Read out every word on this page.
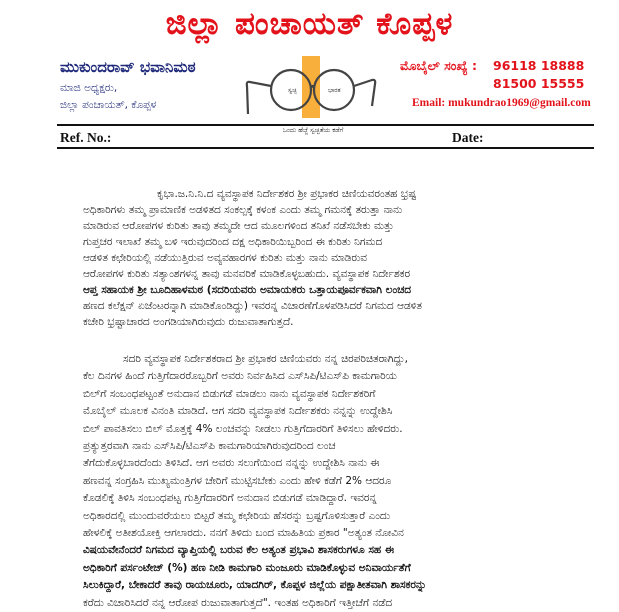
ಜಿಲ್ಲಾ ಪಂಚಾಯತ್ ಕೊಪ್ಪಳ
ಮುಕುಂದರಾವ್ ಭವಾನಿಮಠ
ಮಾಜಿ ಅಧ್ಯಕ್ಷರು,
ಜಿಲ್ಲಾ ಪಂಚಾಯತ್, ಕೊಪ್ಪಳ
ಸ್ವಚ್ಛ	ಭಾರತ
ಒಂದು ಹೆಜ್ಜೆ ಸ್ವಚ್ಛತೆಯ ಕಡೆಗೆ
ಮೊಬೈಲ್ ಸಂಖ್ಯೆ :	96118 18888
81500 15555
Email: mukundrao1969@gmail.com
Ref. No.:	Date:
ಕೃಭಾ.ಜ.ನಿ.ನಿ.ದ ವ್ಯವಸ್ಥಾಪಕ ನಿರ್ದೇಶಕರ ಶ್ರೀ ಪ್ರಭಾಕರ ಚಿಣಿಯವರಂತಹ ಭ್ರಷ್ಟ
ಅಧಿಕಾರಿಗಳು ತಮ್ಮ ಪ್ರಾಮಾಣಿಕ ಅಡಳಿತದ ಸಂಕಲ್ಪಕ್ಕೆ ಕಳಂಕ ಎಂದು ತಮ್ಮ ಗಮನಕ್ಕೆ ತರುತ್ತಾ ನಾನು
ಮಾಡಿರುವ ಆರೋಪಗಳ ಕುರಿತು ತಾವು ತಮ್ಮದೇ ಆದ ಮೂಲಗಳಿಂದ ತನಿಖೆ ನಡೆಸಬೇಕು ಮತ್ತು
ಗುಪ್ತಚರ ಇಲಾಖೆ ತಮ್ಮ ಬಳಿ ಇರುವುದರಿಂದ ದಕ್ಷ ಅಧಿಕಾರಿಯಿಬ್ಬರಿಂದ ಈ ಕುರಿತು ನಿಗಮದ
ಆಡಳಿತ ಕಛೇರಿಯಲ್ಲಿ ನಡೆಯುತ್ತಿರುವ ಅವ್ಯವಹಾರಗಳ ಕುರಿತು ಮತ್ತು ನಾನು ಮಾಡಿರುವ
ಆರೋಪಗಳ ಕುರಿತು ಸತ್ಯಾಂಶಗಳನ್ನ ತಾವು ಮನವರಿಕೆ ಮಾಡಿಕೊಳ್ಳಬಹುದು. ವ್ಯವಸ್ಥಾಪಕ ನಿರ್ದೇಶಕರ
ಆಪ್ತ ಸಹಾಯಕ ಶ್ರೀ ಬೂದಿಹಾಳಮಠ (ಸದರಿಯವರು ಅಮಾಯಕರು ಒತ್ತಾಯಪೂರ್ವಕವಾಗಿ ಲಂಚದ
ಹಣದ ಕಲೆಕ್ಷನ್ ಏಜೆಂಟರನ್ನಾಗಿ ಮಾಡಿಕೊಂಡಿದ್ದು) ಇವರನ್ನ ವಿಚಾರಣೆಗೊಳಪಡಿಸಿದರೆ ನಿಗಮದ ಆಡಳಿತ
ಕಚೇರಿ ಭ್ರಷ್ಟಾಚಾರದ ಅಂಗಡಿಯಾಗಿರುವುದು ರುಜುವಾತಾಗುತ್ತದೆ.
ಸದರಿ ವ್ಯವಸ್ಥಾಪಕ ನಿರ್ದೇಶಕರಾದ ಶ್ರೀ ಪ್ರಭಾಕರ ಚಿಣಿಯವರು ನನ್ನ ಚಿರಪರಿಚಿತರಾಗಿದ್ದು,
ಕೆಲ ದಿನಗಳ ಹಿಂದೆ ಗುತ್ತಿಗೆದಾರರೊಬ್ಬರಿಗೆ ಅವರು ನಿರ್ವಹಿಸಿದ ಎಸ್‌ಸಿಪಿ/ಟಿಎಸ್‌ಪಿ ಕಾಮಗಾರಿಯ
ಬಿಲ್‌ಗೆ ಸಂಬಂಧಪಟ್ಟಂತೆ ಅನುದಾನ ಬಿಡುಗಡೆ ಮಾಡಲು ನಾನು ವ್ಯವಸ್ಥಾಪಕ ನಿರ್ದೇಶಕರಿಗೆ
ಮೊಬೈಲ್ ಮೂಲಕ ವಿನಂತಿ ಮಾಡಿದೆ. ಆಗ ಸದರಿ ವ್ಯವಸ್ಥಾಪಕ ನಿರ್ದೇಶಕರು ನನ್ನನ್ನು ಉದ್ದೇಶಿಸಿ
ಬಿಲ್ ಪಾವತಿಸಲು ಬಿಲ್ ಮೊತ್ತಕ್ಕೆ 4% ಲಂಚವನ್ನು ನೀಡಲು ಗುತ್ತಿಗೆದಾರರಿಗೆ ತಿಳಿಸಲು ಹೇಳಿದರು.
ಪ್ರತ್ಯುತ್ತರವಾಗಿ ನಾನು ಎಸ್‌ಸಿಪಿ/ಟಿಎಸ್‌ಪಿ ಕಾಮಗಾರಿಯಾಗಿರುವುದರಿಂದ ಲಂಚ
ತೆಗೆದುಕೊಳ್ಳಬಾರದೆಂದು ತಿಳಿಸಿದೆ. ಆಗ ಅವರು ಸಲುಗೆಯಿಂದ ನನ್ನನ್ನು ಉದ್ದೇಶಿಸಿ ನಾನು ಈ
ಹಣವನ್ನ ಸಂಗ್ರಹಿಸಿ ಮುಖ್ಯಮಂತ್ರಿಗಳ ಚೇರಿಗೆ ಮುಟ್ಟಿಸಬೇಕು ಎಂದು ಹೇಳಿ ಕಡೆಗೆ 2% ಆದರೂ
ಕೊಡಲಿಕ್ಕೆ ತಿಳಿಸಿ ಸಂಬಂಧಪಟ್ಟ ಗುತ್ತಿಗೆದಾರರಿಗೆ ಅನುದಾನ ಬಿಡುಗಡೆ ಮಾಡಿದ್ದಾರೆ. ಇವರನ್ನ
ಅಧಿಕಾರದಲ್ಲಿ ಮುಂದುವರೆಯಲು ಬಿಟ್ಟರೆ ತಮ್ಮ ಕಛೇರಿಯ ಹೆಸರನ್ನು ಬ್ರಷ್ಟಗೊಳಿಸುತ್ತಾರೆ ಎಂದು
ಹೇಳಲಿಕ್ಕೆ ಅತೀಶಯೋಕ್ತಿ ಆಗಲಾರದು. ನನಗೆ ತಿಳಿದು ಬಂದ ಮಾಹಿತಿಯ ಪ್ರಕಾರ "ಅತ್ಯಂತ ನೋವಿನ
ವಿಷಯವೇನೆಂದರೆ ನಿಗಮದ ವ್ಯಾಪ್ತಿಯಲ್ಲಿ ಬರುವ ಕೆಲ ಅತ್ಯಂತ ಪ್ರಭಾವಿ ಶಾಸಕರುಗಳೂ ಸಹ ಈ
ಅಧಿಕಾರಿಗೆ ಪರ್ಸಂಟೇಜ್ (%) ಹಣ ನೀಡಿ ಕಾಮಗಾರಿ ಮಂಜೂರು ಮಾಡಿಕೊಳ್ಳುವ ಅನಿವಾರ್ಯತೆಗೆ
ಸಿಲುಕಿದ್ದಾರೆ, ಬೇಕಾದರೆ ತಾವು ರಾಯಚೂರು, ಯಾದಗಿರ್, ಕೊಪ್ಪಳ ಜಿಲ್ಲೆಯ ಪಕ್ಷಾತೀತವಾಗಿ ಶಾಸಕರನ್ನು
ಕರೆದು ವಿಚಾರಿಸಿದರೆ ನನ್ನ ಆರೋಪ ರುಜುವಾತಾಗುತ್ತದೆ". ಇಂತಹ ಅಧಿಕಾರಿಗೆ ಇತ್ತೀಚೆಗೆ ನಡೆದ
